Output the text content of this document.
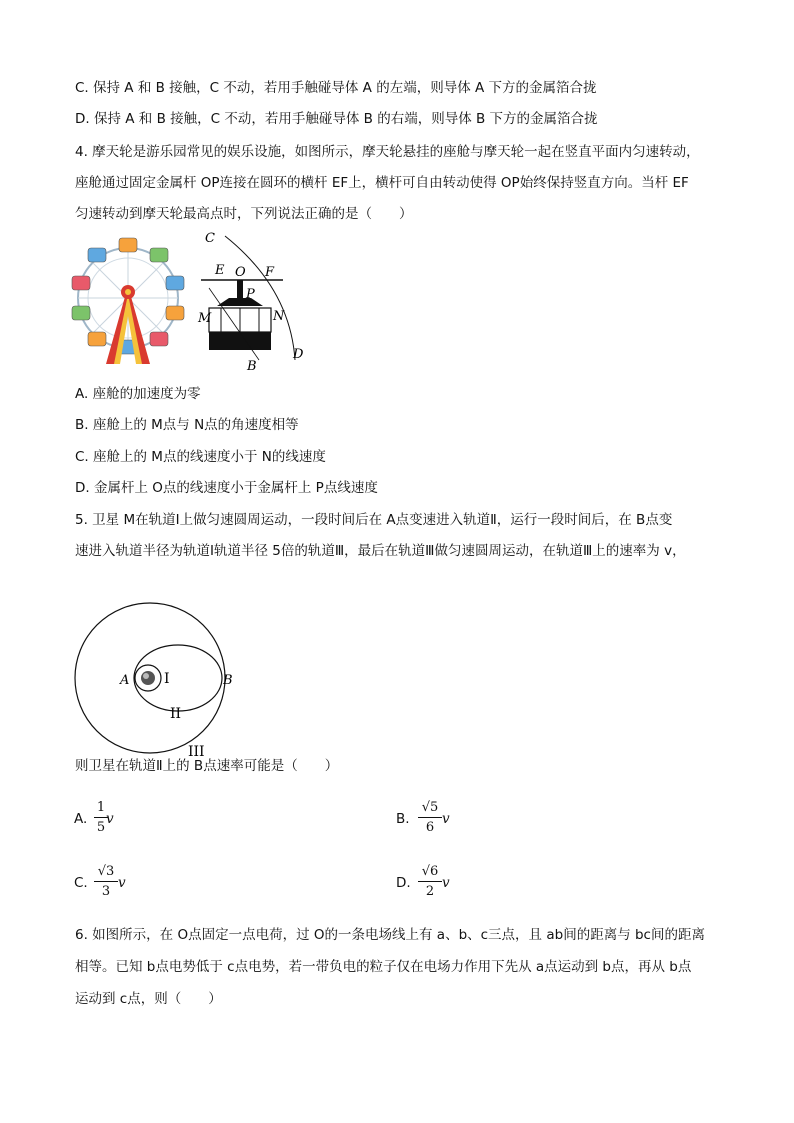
C. 保持 A 和 B 接触，C 不动，若用手触碰导体 A 的左端，则导体 A 下方的金属箔合拢
D. 保持 A 和 B 接触，C 不动，若用手触碰导体 B 的右端，则导体 B 下方的金属箔合拢
4. 摩天轮是游乐园常见的娱乐设施，如图所示，摩天轮悬挂的座舱与摩天轮一起在竖直平面内匀速转动，
座舱通过固定金属杆 OP连接在圆环的横杆 EF上，横杆可自由转动使得 OP始终保持竖直方向。当杆 EF
匀速转动到摩天轮最高点时，下列说法正确的是（　　）
C
E O F
P
M	N
B
D
A. 座舱的加速度为零
B. 座舱上的 M点与 N点的角速度相等
C. 座舱上的 M点的线速度小于 N的线速度
D. 金属杆上 O点的线速度小于金属杆上 P点线速度
5. 卫星 M在轨道Ⅰ上做匀速圆周运动，一段时间后在 A点变速进入轨道Ⅱ，运行一段时间后，在 B点变
速进入轨道半径为轨道Ⅰ轨道半径 5倍的轨道Ⅲ，最后在轨道Ⅲ做匀速圆周运动，在轨道Ⅲ上的速率为 v，
A I	B
II
III
则卫星在轨道Ⅱ上的 B点速率可能是（　　）
A.
1
5
v	B.
√5
6
v
C.
√3
3
v	D.
√6
2
v
6. 如图所示，在 O点固定一点电荷，过 O的一条电场线上有 a、b、c三点，且 ab间的距离与 bc间的距离
相等。已知 b点电势低于 c点电势，若一带负电的粒子仅在电场力作用下先从 a点运动到 b点，再从 b点
运动到 c点，则（　　）
